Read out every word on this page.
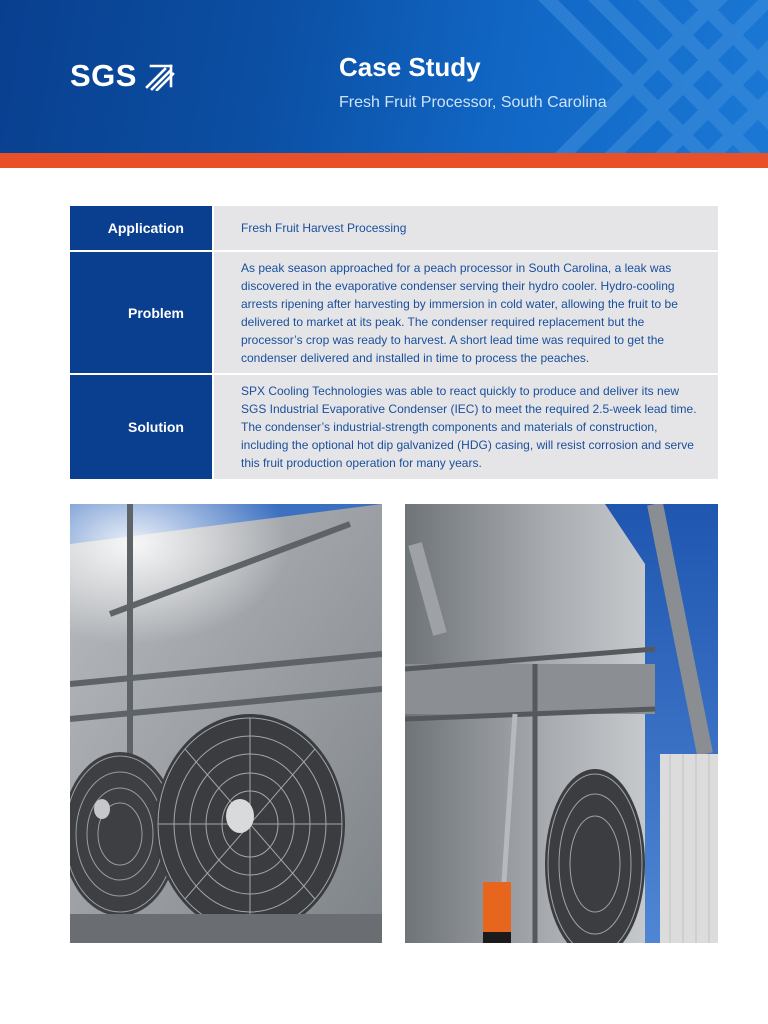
SGS	Case Study
Fresh Fruit Processor, South Carolina
Application	Fresh Fruit Harvest Processing
Problem
As peak season approached for a peach processor in South Carolina, a leak was discovered in the evaporative condenser serving their hydro cooler. Hydro-cooling arrests ripening after harvesting by immersion in cold water, allowing the fruit to be delivered to market at its peak. The condenser required replacement but the processor’s crop was ready to harvest. A short lead time was required to get the condenser delivered and installed in time to process the peaches.
Solution
SPX Cooling Technologies was able to react quickly to produce and deliver its new SGS Industrial Evaporative Condenser (IEC) to meet the required 2.5-week lead time. The condenser’s industrial-strength components and materials of construction, including the optional hot dip galvanized (HDG) casing, will resist corrosion and serve this fruit production operation for many years.
